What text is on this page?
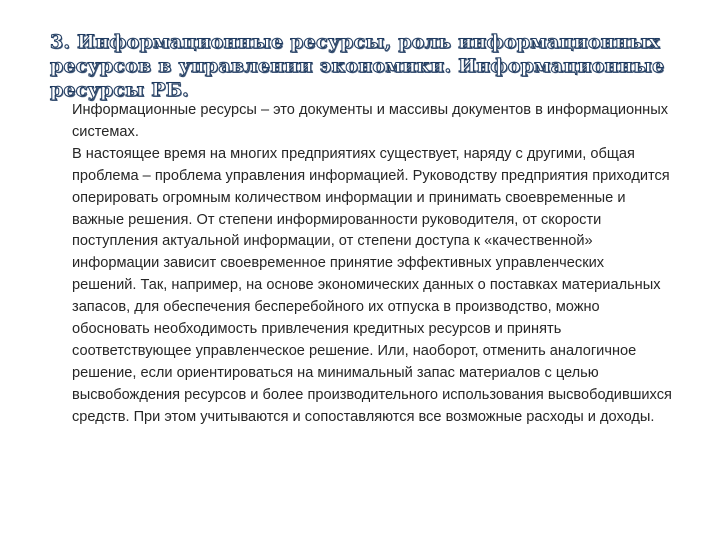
3. Информационные ресурсы, роль информационных ресурсов в управлении экономики. Информационные ресурсы РБ.

Информационные ресурсы – это документы и массивы документов в информационных системах.

В настоящее время на многих предприятиях существует, наряду с другими, общая проблема – проблема управления информацией. Руководству предприятия приходится оперировать огромным количеством информации и принимать своевременные и важные решения. От степени информированности руководителя, от скорости поступления актуальной информации, от степени доступа к «качественной» информации зависит своевременное принятие эффективных управленческих решений. Так, например, на основе экономических данных о поставках материальных запасов, для обеспечения бесперебойного их отпуска в производство, можно обосновать необходимость привлечения кредитных ресурсов и принять соответствующее управленческое решение. Или, наоборот, отменить аналогичное решение, если ориентироваться на минимальный запас материалов с целью высвобождения ресурсов и более производительного использования высвободившихся средств. При этом учитываются и сопоставляются все возможные расходы и доходы.
